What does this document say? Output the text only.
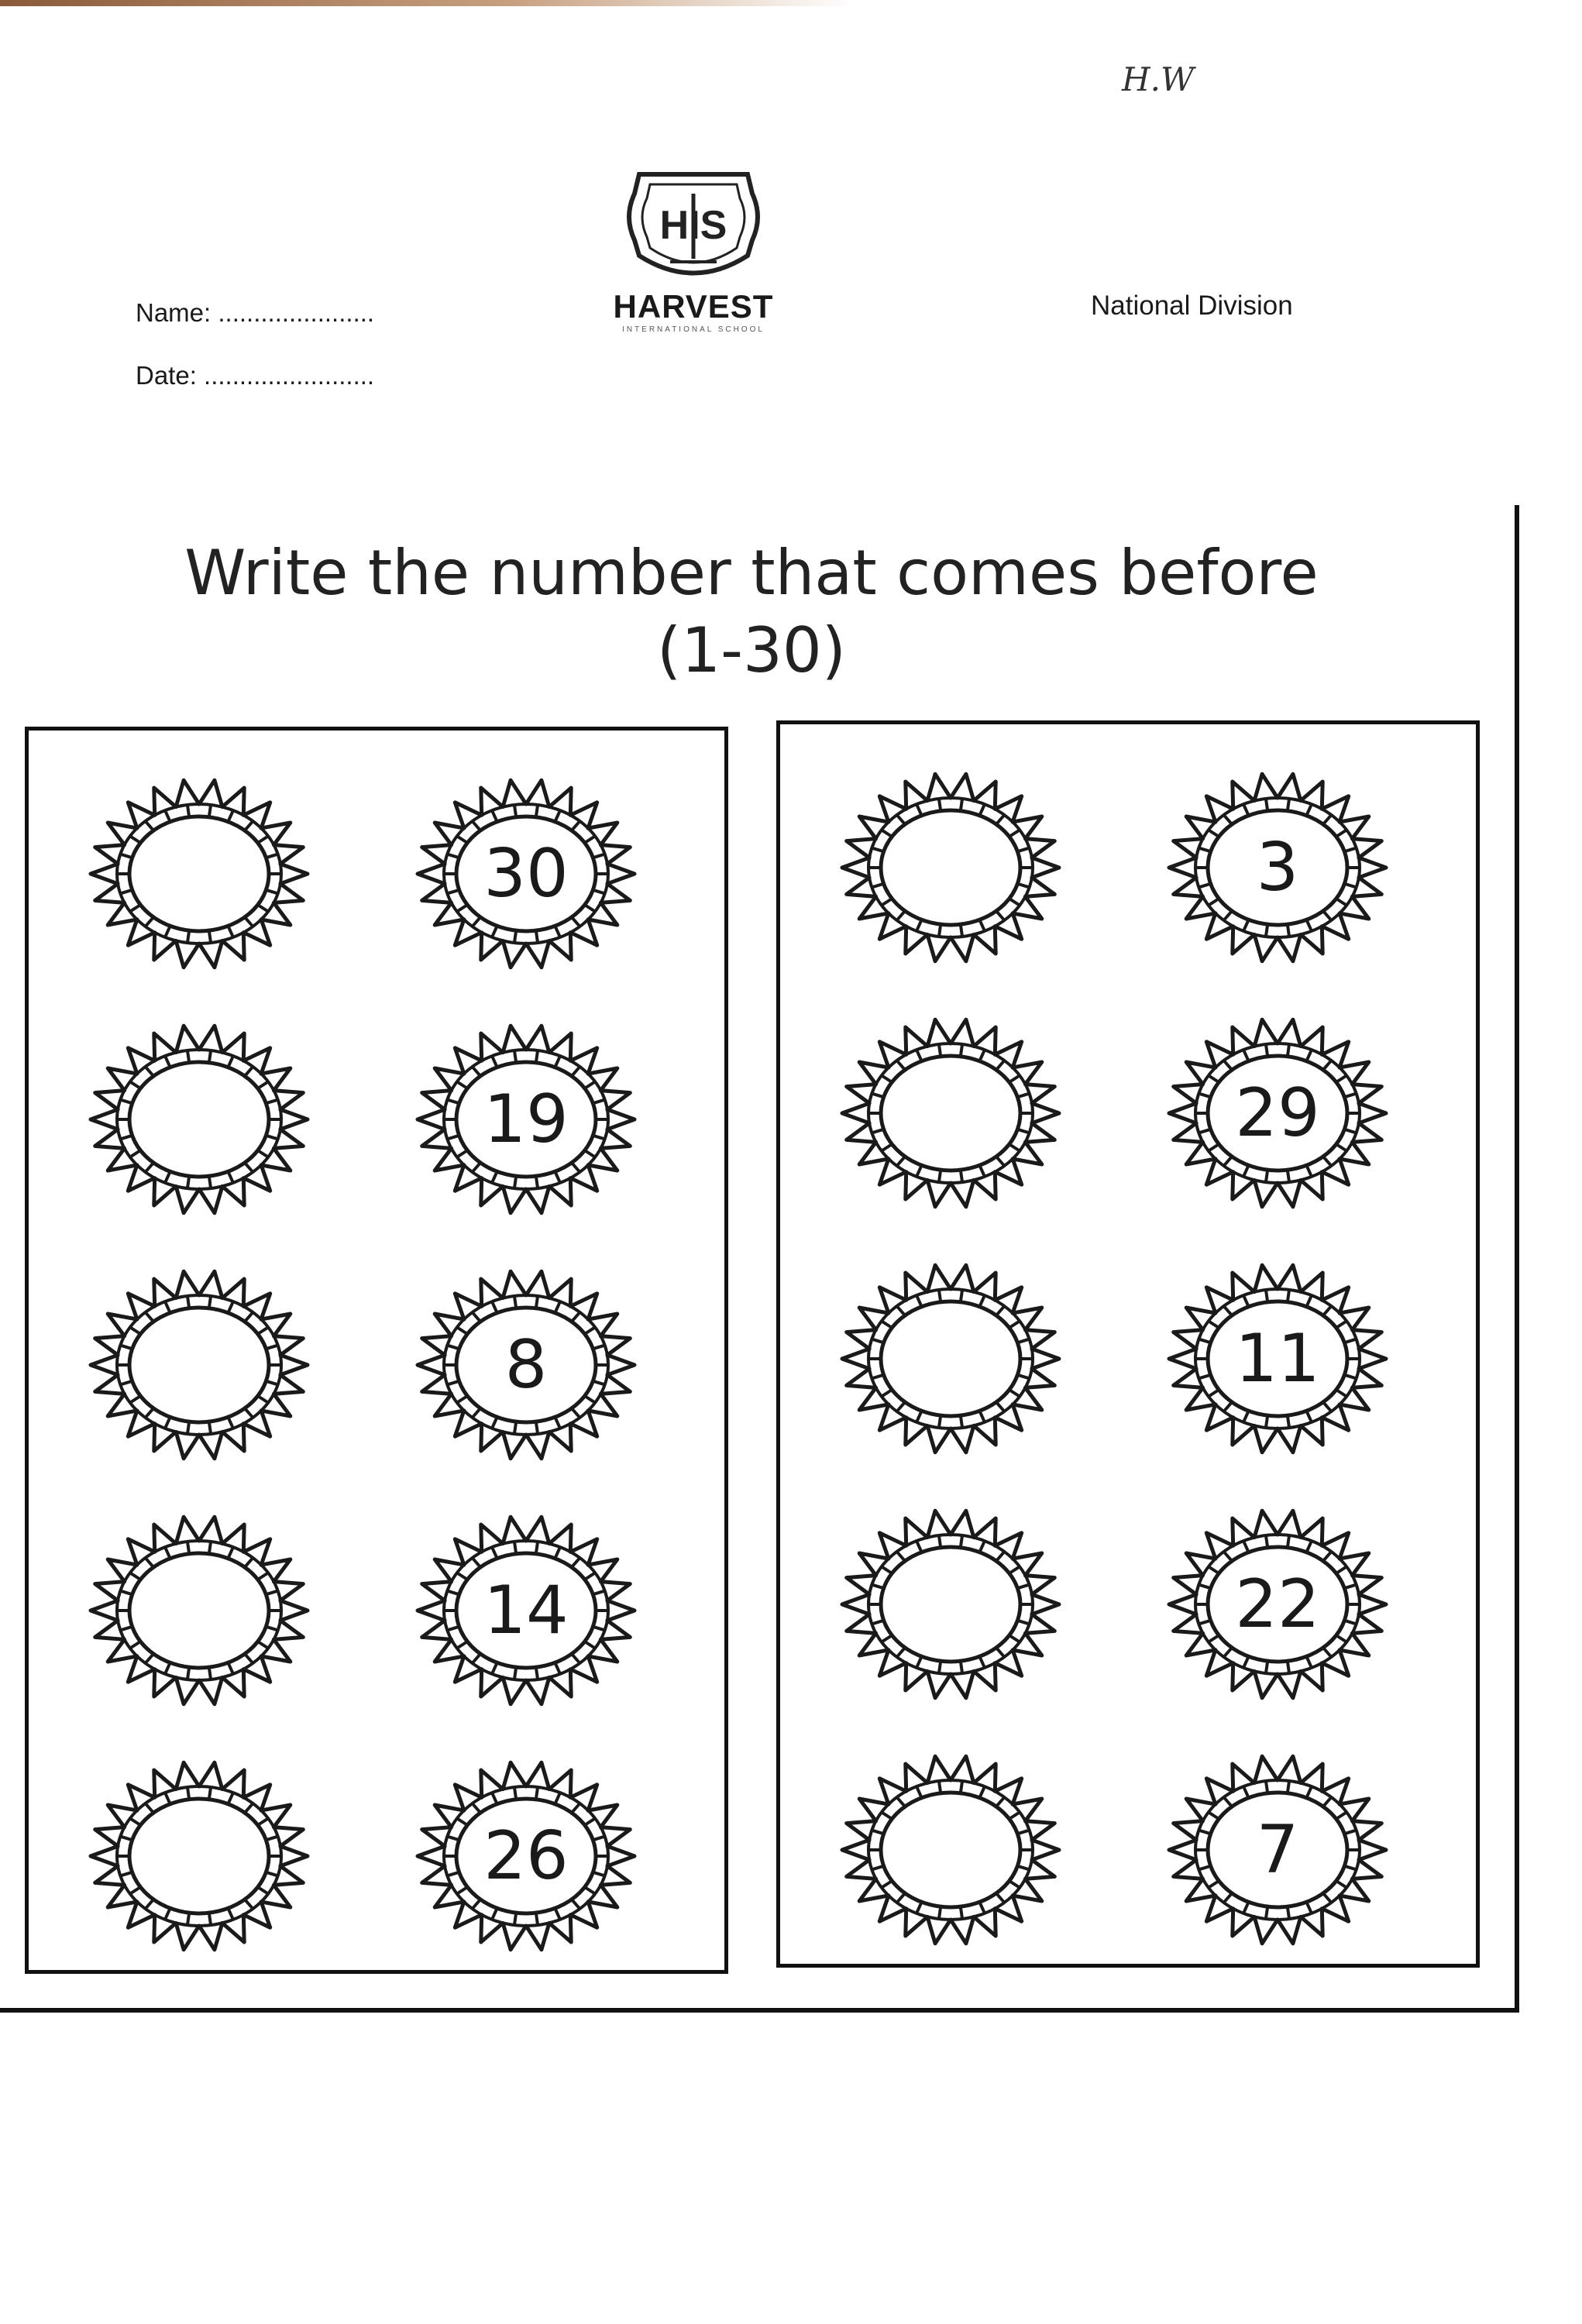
H.W
HIS
HARVEST
INTERNATIONAL SCHOOL
Name: ......................
Date: ........................
National Division
Write the number that comes before
(1-30)
30
19
8
14
26
3
29
11
22
7
